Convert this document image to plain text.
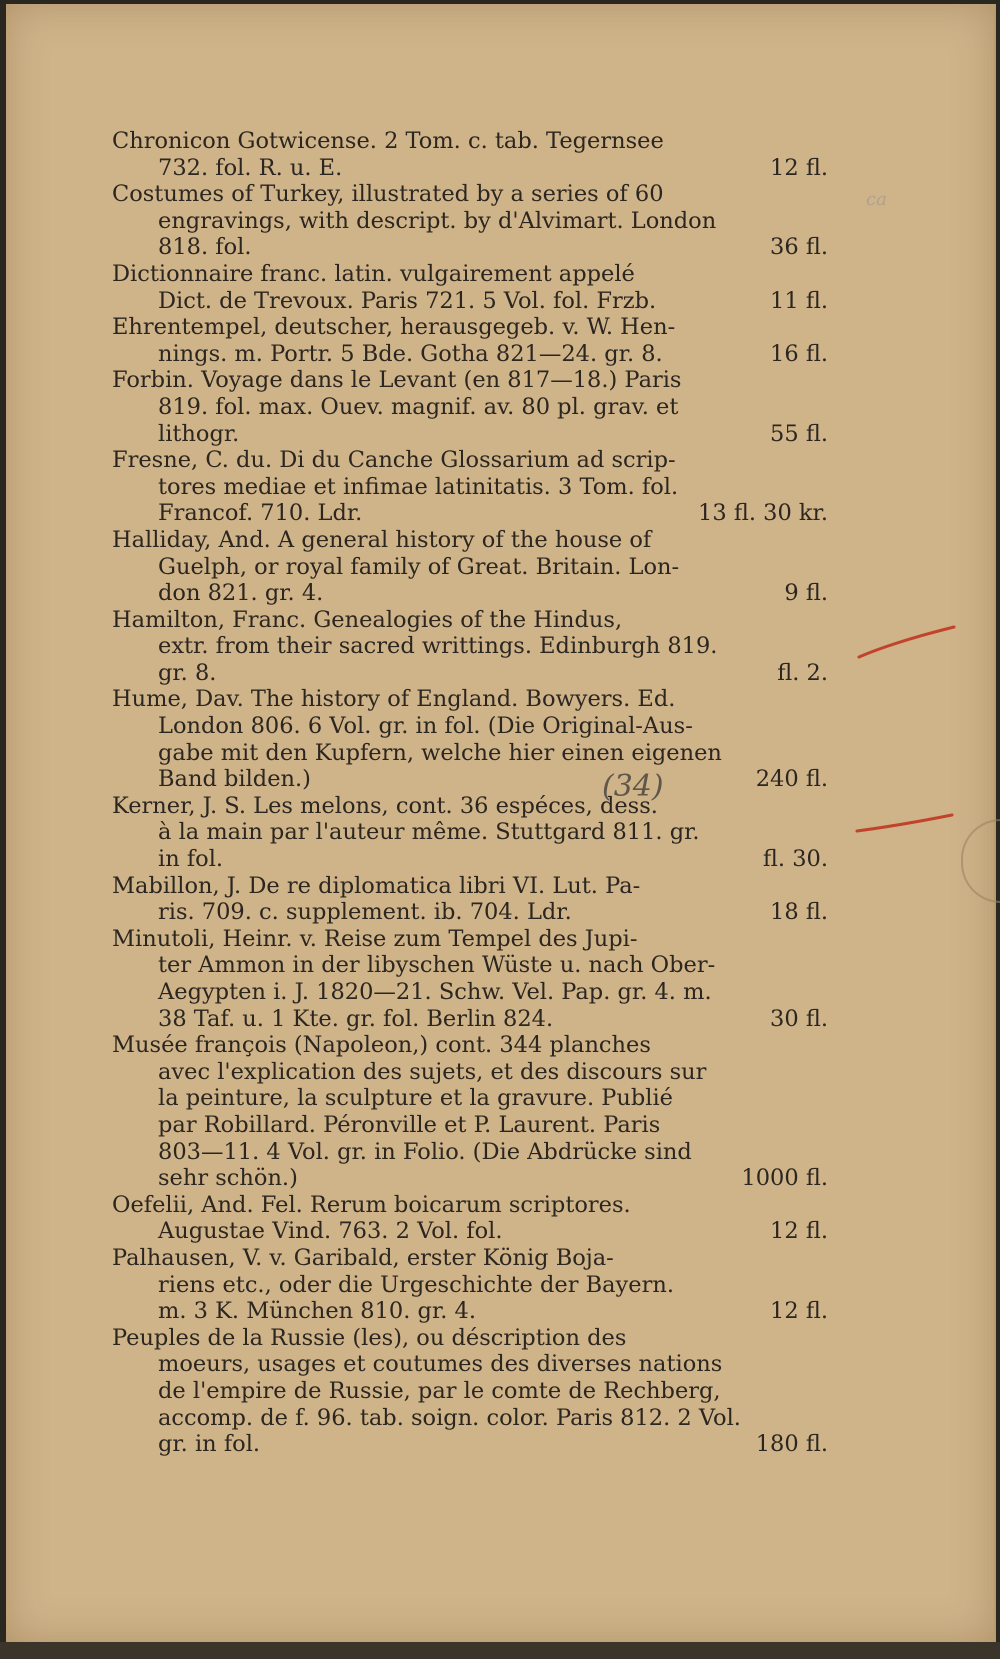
ca
(34)
Chronicon Gotwicense. 2 Tom. c. tab. Tegernsee
732. fol. R. u. E.	12 fl.
Costumes of Turkey, illustrated by a series of 60
engravings, with descript. by d'Alvimart. London
818. fol.	36 fl.
Dictionnaire franc. latin. vulgairement appelé
Dict. de Trevoux. Paris 721. 5 Vol. fol. Frzb.	11 fl.
Ehrentempel, deutscher, herausgegeb. v. W. Hen-
nings. m. Portr. 5 Bde. Gotha 821—24. gr. 8.	16 fl.
Forbin. Voyage dans le Levant (en 817—18.) Paris
819. fol. max. Ouev. magnif. av. 80 pl. grav. et
lithogr.	55 fl.
Fresne, C. du. Di du Canche Glossarium ad scrip-
tores mediae et infimae latinitatis. 3 Tom. fol.
Francof. 710. Ldr.	13 fl. 30 kr.
Halliday, And. A general history of the house of
Guelph, or royal family of Great. Britain. Lon-
don 821. gr. 4.	9 fl.
Hamilton, Franc. Genealogies of the Hindus,
extr. from their sacred writtings. Edinburgh 819.
gr. 8.	fl. 2.
Hume, Dav. The history of England. Bowyers. Ed.
London 806. 6 Vol. gr. in fol. (Die Original-Aus-
gabe mit den Kupfern, welche hier einen eigenen
Band bilden.)	240 fl.
Kerner, J. S. Les melons, cont. 36 espéces, dess.
à la main par l'auteur même. Stuttgard 811. gr.
in fol.	fl. 30.
Mabillon, J. De re diplomatica libri VI. Lut. Pa-
ris. 709. c. supplement. ib. 704. Ldr.	18 fl.
Minutoli, Heinr. v. Reise zum Tempel des Jupi-
ter Ammon in der libyschen Wüste u. nach Ober-
Aegypten i. J. 1820—21. Schw. Vel. Pap. gr. 4. m.
38 Taf. u. 1 Kte. gr. fol. Berlin 824.	30 fl.
Musée françois (Napoleon,) cont. 344 planches
avec l'explication des sujets, et des discours sur
la peinture, la sculpture et la gravure. Publié
par Robillard. Péronville et P. Laurent. Paris
803—11. 4 Vol. gr. in Folio. (Die Abdrücke sind
sehr schön.)	1000 fl.
Oefelii, And. Fel. Rerum boicarum scriptores.
Augustae Vind. 763. 2 Vol. fol.	12 fl.
Palhausen, V. v. Garibald, erster König Boja-
riens etc., oder die Urgeschichte der Bayern.
m. 3 K. München 810. gr. 4.	12 fl.
Peuples de la Russie (les), ou déscription des
moeurs, usages et coutumes des diverses nations
de l'empire de Russie, par le comte de Rechberg,
accomp. de f. 96. tab. soign. color. Paris 812. 2 Vol.
gr. in fol.	180 fl.
